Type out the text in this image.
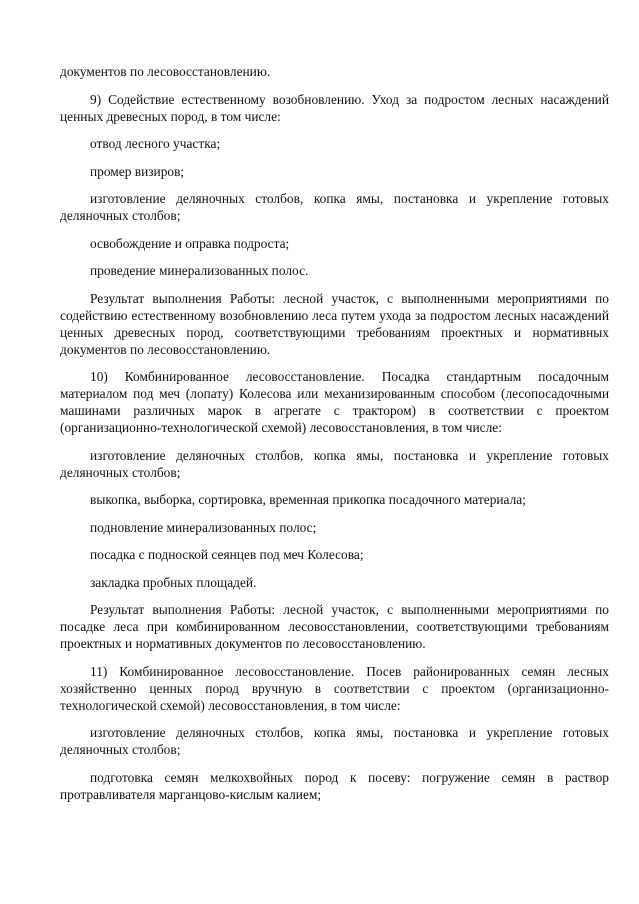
документов по лесовосстановлению.

9) Содействие естественному возобновлению. Уход за подростом лесных насаждений ценных древесных пород, в том числе:

отвод лесного участка;

промер визиров;

изготовление деляночных столбов, копка ямы, постановка и укрепление готовых деляночных столбов;

освобождение и оправка подроста;

проведение минерализованных полос.

Результат выполнения Работы: лесной участок, с выполненными мероприятиями по содействию естественному возобновлению леса путем ухода за подростом лесных насаждений ценных древесных пород, соответствующими требованиям проектных и нормативных документов по лесовосстановлению.

10) Комбинированное лесовосстановление. Посадка стандартным посадочным материалом под меч (лопату) Колесова или механизированным способом (лесопосадочными машинами различных марок в агрегате с трактором) в соответствии с проектом (организационно-технологической схемой) лесовосстановления, в том числе:

изготовление деляночных столбов, копка ямы, постановка и укрепление готовых деляночных столбов;

выкопка, выборка, сортировка, временная прикопка посадочного материала;

подновление минерализованных полос;

посадка с подноской сеянцев под меч Колесова;

закладка пробных площадей.

Результат выполнения Работы: лесной участок, с выполненными мероприятиями по посадке леса при комбинированном лесовосстановлении, соответствующими требованиям проектных и нормативных документов по лесовосстановлению.

11) Комбинированное лесовосстановление. Посев районированных семян лесных хозяйственно ценных пород вручную в соответствии с проектом (организационно-технологической схемой) лесовосстановления, в том числе:

изготовление деляночных столбов, копка ямы, постановка и укрепление готовых деляночных столбов;

подготовка семян мелкохвойных пород к посеву: погружение семян в раствор протравливателя марганцово-кислым калием;
